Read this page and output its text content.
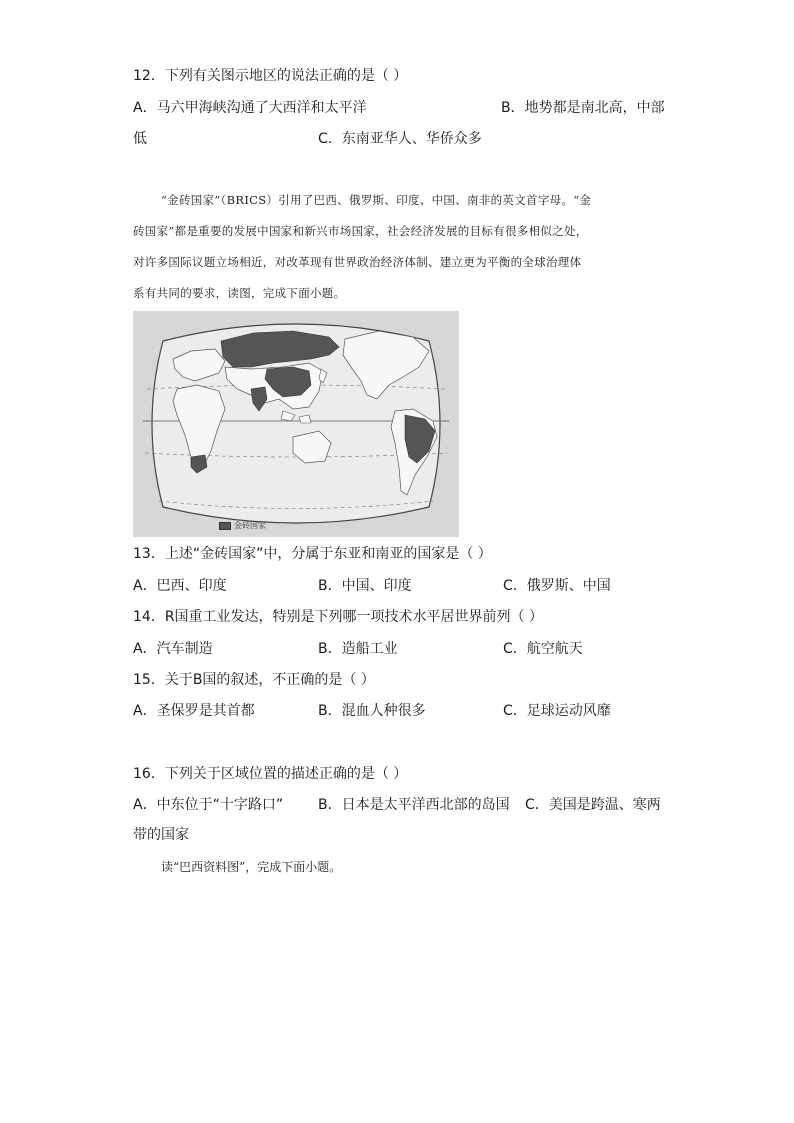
12．下列有关图示地区的说法正确的是（ ）
A．马六甲海峡沟通了大西洋和太平洋	B．地势都是南北高，中部
低	C．东南亚华人、华侨众多
“金砖国家”（BRICS）引用了巴西、俄罗斯、印度、中国、南非的英文首字母。“金
砖国家”都是重要的发展中国家和新兴市场国家，社会经济发展的目标有很多相似之处，
对许多国际议题立场相近，对改革现有世界政治经济体制、建立更为平衡的全球治理体
系有共同的要求，读图，完成下面小题。
金砖国家
13．上述“金砖国家”中，分属于东亚和南亚的国家是（ ）
A．巴西、印度	B．中国、印度	C．俄罗斯、中国
14．R国重工业发达，特别是下列哪一项技术水平居世界前列（ ）
A．汽车制造	B．造船工业	C．航空航天
15．关于B国的叙述，不正确的是（ ）
A．圣保罗是其首都	B．混血人种很多	C．足球运动风靡
16．下列关于区域位置的描述正确的是（ ）
A．中东位于“十字路口” B．日本是太平洋西北部的岛国 C．美国是跨温、寒两
带的国家
读“巴西资料图”，完成下面小题。
